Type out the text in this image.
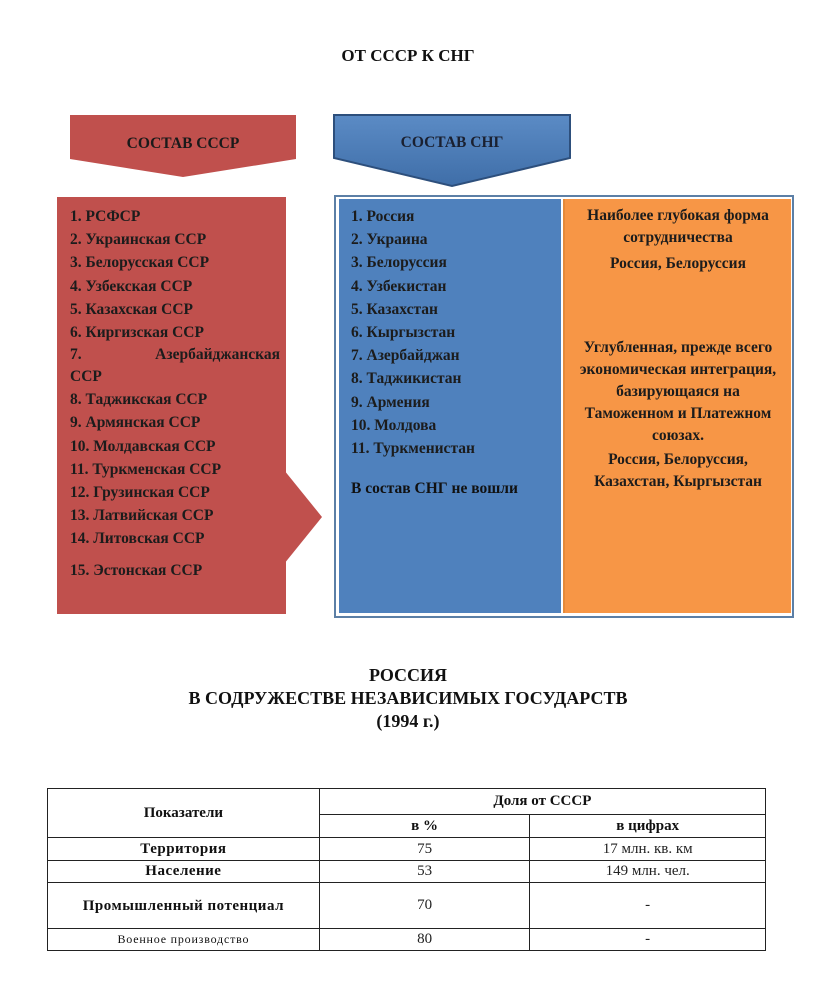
ОТ СССР К СНГ
СОСТАВ СССР	СОСТАВ СНГ
1. РСФСР
2. Украинская ССР
3. Белорусская ССР
4. Узбекская ССР
5. Казахская ССР
6. Киргизская ССР
7. Азербайджанская
ССР
8. Таджикская ССР
9. Армянская ССР
10. Молдавская ССР
11. Туркменская ССР
12. Грузинская ССР
13. Латвийская ССР
14. Литовская ССР
15. Эстонская ССР
1. Россия
2. Украина
3. Белоруссия
4. Узбекистан
5. Казахстан
6. Кыргызстан
7. Азербайджан
8. Таджикистан
9. Армения
10. Молдова
11. Туркменистан
В состав СНГ не вошли
Наиболее глубокая форма сотрудничества
Россия, Белоруссия
Углубленная, прежде всего экономическая интеграция, базирующаяся на Таможенном и Платежном союзах.
Россия, Белоруссия, Казахстан, Кыргызстан
РОССИЯ
В СОДРУЖЕСТВЕ НЕЗАВИСИМЫХ ГОСУДАРСТВ
(1994 г.)
Показатели	Доля от СССР	
	в %	в цифрах
Территория	75	17 млн. кв. км
Население	53	149 млн. чел.
Промышленный потенциал	70	-
Военное производство	80	-
